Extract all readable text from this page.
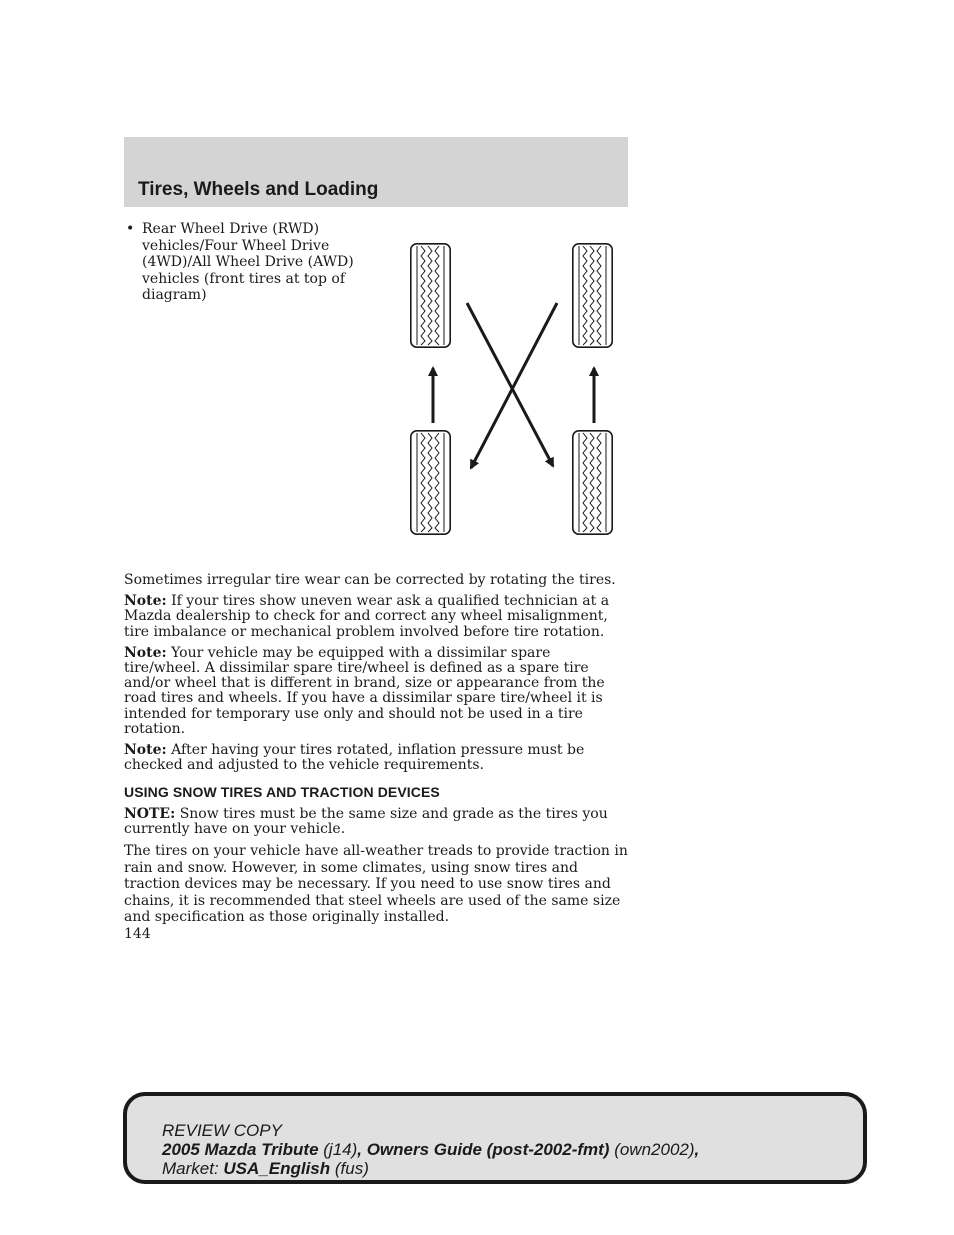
Tires, Wheels and Loading
• Rear Wheel Drive (RWD)
vehicles/Four Wheel Drive
(4WD)/All Wheel Drive (AWD)
vehicles (front tires at top of
diagram)

Sometimes irregular tire wear can be corrected by rotating the tires.

Note: If your tires show uneven wear ask a qualified technician at a Mazda dealership to check for and correct any wheel misalignment, tire imbalance or mechanical problem involved before tire rotation.

Note: Your vehicle may be equipped with a dissimilar spare tire/wheel. A dissimilar spare tire/wheel is defined as a spare tire and/or wheel that is different in brand, size or appearance from the road tires and wheels. If you have a dissimilar spare tire/wheel it is intended for temporary use only and should not be used in a tire rotation.

Note: After having your tires rotated, inflation pressure must be checked and adjusted to the vehicle requirements.

USING SNOW TIRES AND TRACTION DEVICES

NOTE: Snow tires must be the same size and grade as the tires you currently have on your vehicle.

The tires on your vehicle have all-weather treads to provide traction in rain and snow. However, in some climates, using snow tires and traction devices may be necessary. If you need to use snow tires and chains, it is recommended that steel wheels are used of the same size and specification as those originally installed.

144
REVIEW COPY
2005 Mazda Tribute (j14), Owners Guide (post-2002-fmt) (own2002),
Market: USA_English (fus)
